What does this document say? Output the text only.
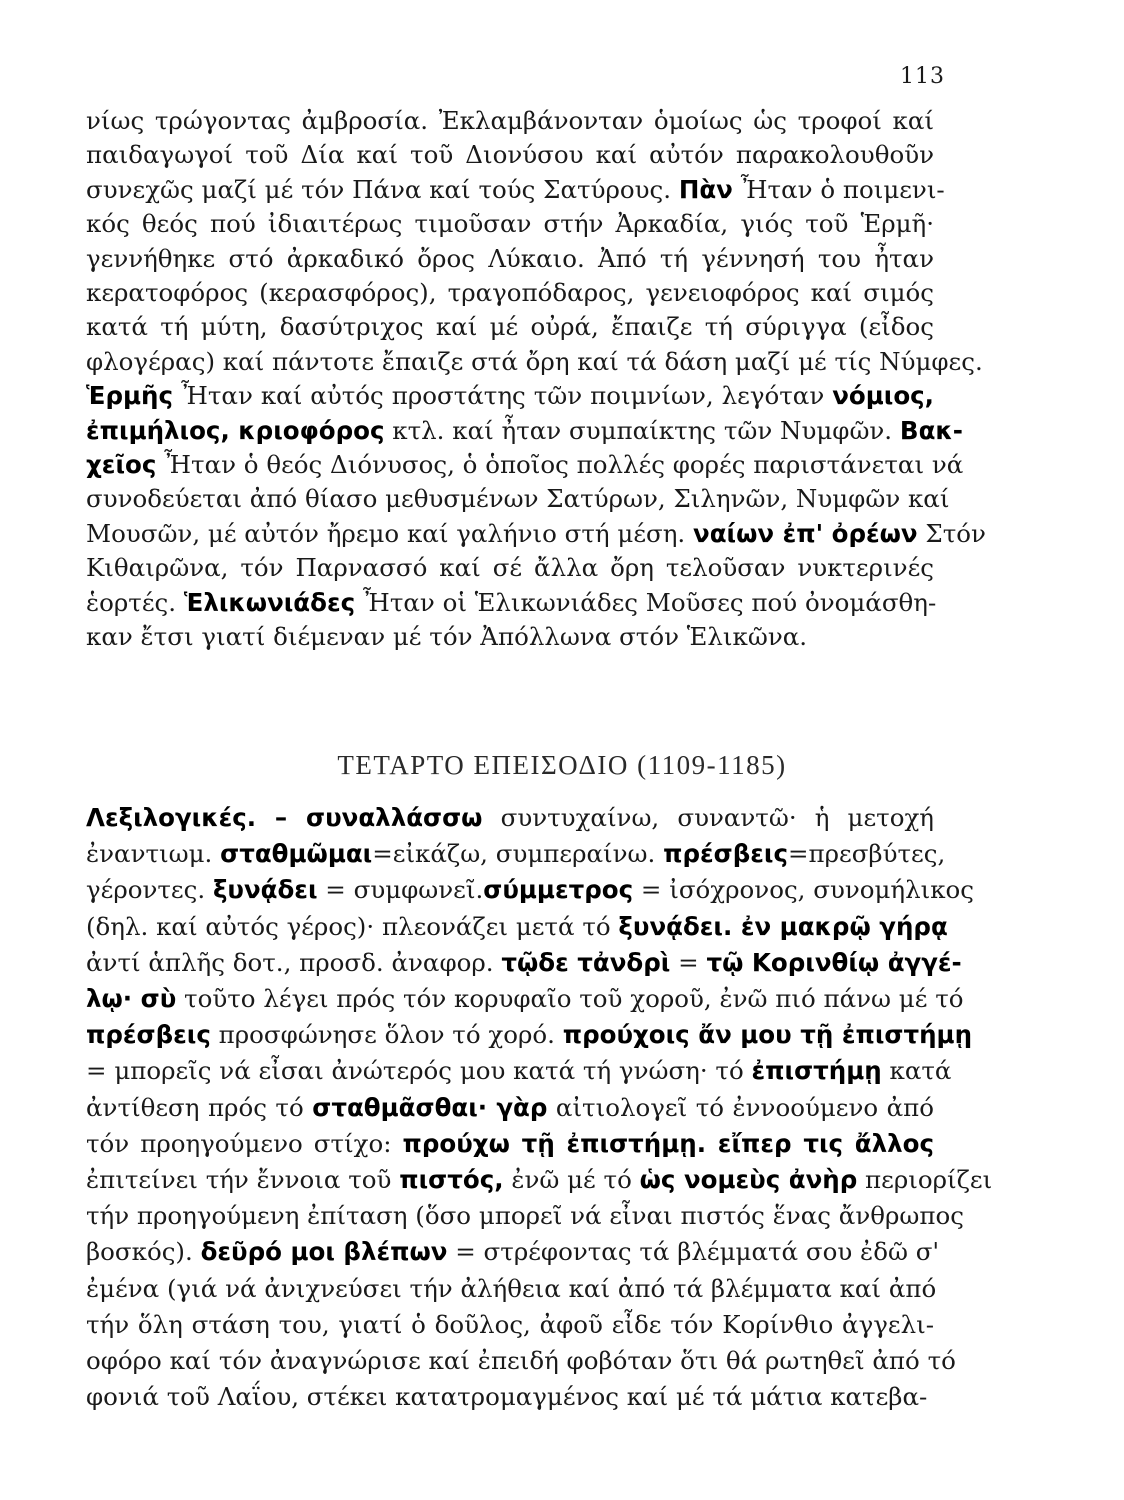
113
νίως τρώγοντας ἀμβροσία. Ἐκλαμβάνονταν ὁμοίως ὡς τροφοί καί
παιδαγωγοί τοῦ Δία καί τοῦ Διονύσου καί αὐτόν παρακολουθοῦν
συνεχῶς μαζί μέ τόν Πάνα καί τούς Σατύρους. Πὰν Ἦταν ὁ ποιμενι-
κός θεός πού ἰδιαιτέρως τιμοῦσαν στήν Ἀρκαδία, γιός τοῦ Ἑρμῆ·
γεννήθηκε στό ἀρκαδικό ὄρος Λύκαιο. Ἀπό τή γέννησή του ἦταν
κερατοφόρος (κερασφόρος), τραγοπόδαρος, γενειοφόρος καί σιμός
κατά τή μύτη, δασύτριχος καί μέ οὐρά, ἔπαιζε τή σύριγγα (εἶδος
φλογέρας) καί πάντοτε ἔπαιζε στά ὄρη καί τά δάση μαζί μέ τίς Νύμφες.
Ἑρμῆς Ἦταν καί αὐτός προστάτης τῶν ποιμνίων, λεγόταν νόμιος,
ἐπιμήλιος, κριοφόρος κτλ. καί ἦταν συμπαίκτης τῶν Νυμφῶν. Βακ-
χεῖος Ἦταν ὁ θεός Διόνυσος, ὁ ὁποῖος πολλές φορές παριστάνεται νά
συνοδεύεται ἀπό θίασο μεθυσμένων Σατύρων, Σιληνῶν, Νυμφῶν καί
Μουσῶν, μέ αὐτόν ἤρεμο καί γαλήνιο στή μέση. ναίων ἐπ' ὀρέων Στόν
Κιθαιρῶνα, τόν Παρνασσό καί σέ ἄλλα ὄρη τελοῦσαν νυκτερινές
ἑορτές. Ἑλικωνιάδες Ἦταν οἱ Ἑλικωνιάδες Μοῦσες πού ὀνομάσθη-
καν ἔτσι γιατί διέμεναν μέ τόν Ἀπόλλωνα στόν Ἑλικῶνα.
ΤΕΤΑΡΤΟ ΕΠΕΙΣΟΔΙΟ (1109-1185)
Λεξιλογικές. – συναλλάσσω συντυχαίνω, συναντῶ· ἡ μετοχή
ἐναντιωμ. σταθμῶμαι=εἰκάζω, συμπεραίνω. πρέσβεις=πρεσβύτες,
γέροντες. ξυνᾴδει = συμφωνεῖ.σύμμετρος = ἰσόχρονος, συνομήλικος
(δηλ. καί αὐτός γέρος)· πλεονάζει μετά τό ξυνᾴδει. ἐν μακρῷ γήρᾳ
ἀντί ἁπλῆς δοτ., προσδ. ἀναφορ. τῷδε τἀνδρὶ = τῷ Κορινθίῳ ἀγγέ-
λῳ· σὺ τοῦτο λέγει πρός τόν κορυφαῖο τοῦ χοροῦ, ἐνῶ πιό πάνω μέ τό
πρέσβεις προσφώνησε ὅλον τό χορό. προύχοις ἄν μου τῇ ἐπιστήμῃ
= μπορεῖς νά εἶσαι ἀνώτερός μου κατά τή γνώση· τό ἐπιστήμῃ κατά
ἀντίθεση πρός τό σταθμᾶσθαι· γὰρ αἰτιολογεῖ τό ἐννοούμενο ἀπό
τόν προηγούμενο στίχο: προύχω τῇ ἐπιστήμῃ. εἴπερ τις ἄλλος
ἐπιτείνει τήν ἔννοια τοῦ πιστός, ἐνῶ μέ τό ὡς νομεὺς ἀνὴρ περιορίζει
τήν προηγούμενη ἐπίταση (ὅσο μπορεῖ νά εἶναι πιστός ἕνας ἄνθρωπος
βοσκός). δεῦρό μοι βλέπων = στρέφοντας τά βλέμματά σου ἐδῶ σ'
ἐμένα (γιά νά ἀνιχνεύσει τήν ἀλήθεια καί ἀπό τά βλέμματα καί ἀπό
τήν ὅλη στάση του, γιατί ὁ δοῦλος, ἀφοῦ εἶδε τόν Κορίνθιο ἀγγελι-
οφόρο καί τόν ἀναγνώρισε καί ἐπειδή φοβόταν ὅτι θά ρωτηθεῖ ἀπό τό
φονιά τοῦ Λαΐου, στέκει κατατρομαγμένος καί μέ τά μάτια κατεβα-
